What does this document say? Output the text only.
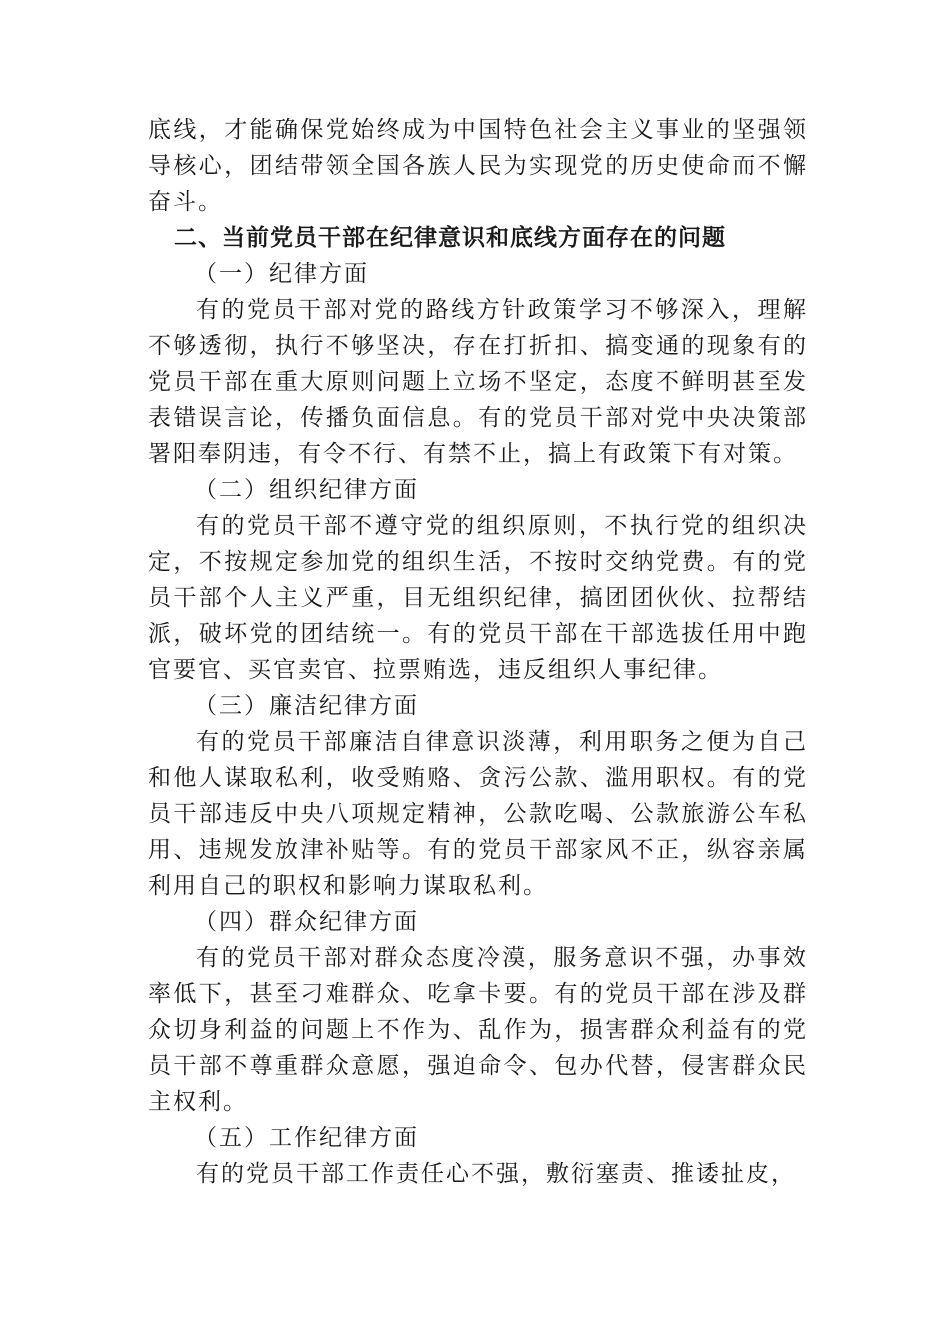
底线，才能确保党始终成为中国特色社会主义事业的坚强领导核心，团结带领全国各族人民为实现党的历史使命而不懈奋斗。

二、当前党员干部在纪律意识和底线方面存在的问题

（一）纪律方面

有的党员干部对党的路线方针政策学习不够深入，理解不够透彻，执行不够坚决，存在打折扣、搞变通的现象有的党员干部在重大原则问题上立场不坚定，态度不鲜明甚至发表错误言论，传播负面信息。有的党员干部对党中央决策部署阳奉阴违，有令不行、有禁不止，搞上有政策下有对策。

（二）组织纪律方面

有的党员干部不遵守党的组织原则，不执行党的组织决定，不按规定参加党的组织生活，不按时交纳党费。有的党员干部个人主义严重，目无组织纪律，搞团团伙伙、拉帮结派，破坏党的团结统一。有的党员干部在干部选拔任用中跑官要官、买官卖官、拉票贿选，违反组织人事纪律。

（三）廉洁纪律方面

有的党员干部廉洁自律意识淡薄，利用职务之便为自己和他人谋取私利，收受贿赂、贪污公款、滥用职权。有的党员干部违反中央八项规定精神，公款吃喝、公款旅游公车私用、违规发放津补贴等。有的党员干部家风不正，纵容亲属利用自己的职权和影响力谋取私利。

（四）群众纪律方面

有的党员干部对群众态度冷漠，服务意识不强，办事效率低下，甚至刁难群众、吃拿卡要。有的党员干部在涉及群众切身利益的问题上不作为、乱作为，损害群众利益有的党员干部不尊重群众意愿，强迫命令、包办代替，侵害群众民主权利。

（五）工作纪律方面

有的党员干部工作责任心不强，敷衍塞责、推诿扯皮，
